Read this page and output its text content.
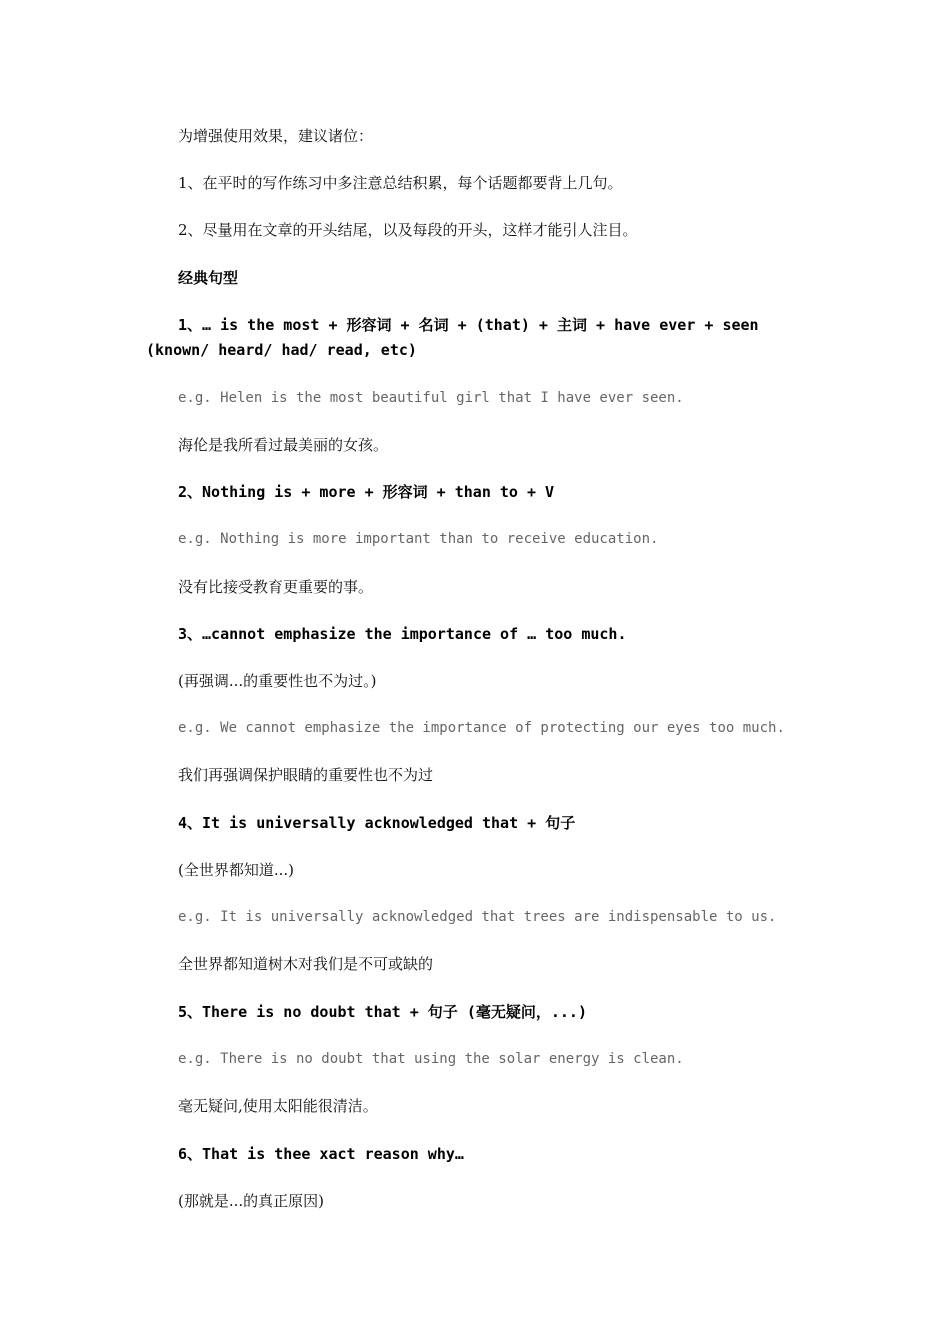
为增强使用效果，建议诸位：
1、在平时的写作练习中多注意总结积累，每个话题都要背上几句。
2、尽量用在文章的开头结尾，以及每段的开头，这样才能引人注目。
经典句型
1、… is the most + 形容词 + 名词 + (that) + 主词 + have ever + seen (known/ heard/ had/ read, etc)
e.g. Helen is the most beautiful girl that I have ever seen.
海伦是我所看过最美丽的女孩。
2、Nothing is + more + 形容词 + than to + V
e.g. Nothing is more important than to receive education.
没有比接受教育更重要的事。
3、…cannot emphasize the importance of … too much.
(再强调...的重要性也不为过。)
e.g. We cannot emphasize the importance of protecting our eyes too much.
我们再强调保护眼睛的重要性也不为过
4、It is universally acknowledged that + 句子
(全世界都知道...)
e.g. It is universally acknowledged that trees are indispensable to us.
全世界都知道树木对我们是不可或缺的
5、There is no doubt that + 句子 (毫无疑问，...)
e.g. There is no doubt that using the solar energy is clean.
毫无疑问,使用太阳能很清洁。
6、That is thee xact reason why…
(那就是...的真正原因)
